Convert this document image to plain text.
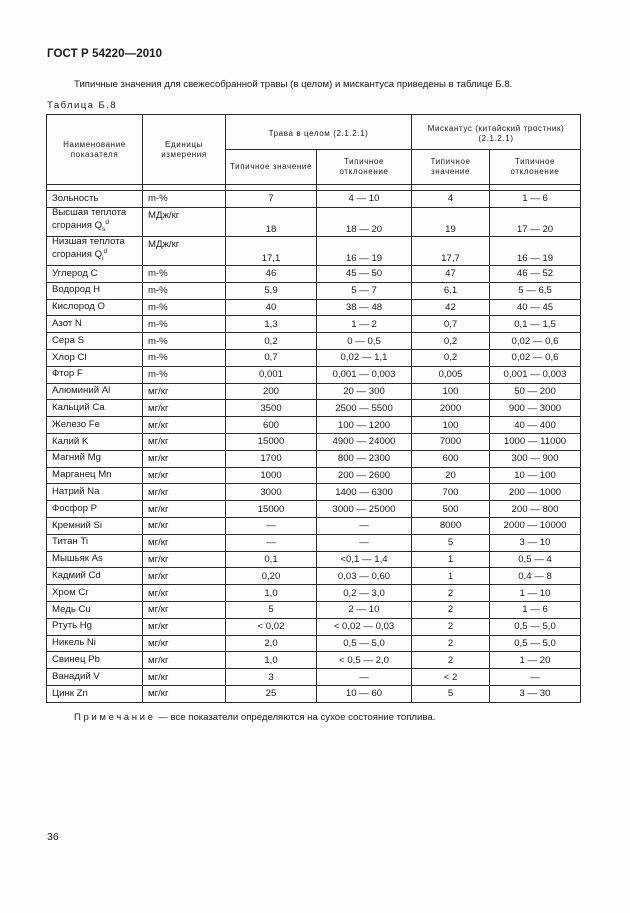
ГОСТ Р 54220—2010
Типичные значения для свежесобранной травы (в целом) и мискантуса приведены в таблице Б.8.
Таблица Б.8
Наименование показателя	Единицы измерения	Трава в целом (2.1.2.1)		Мискантус (китайский тростник) (2.1.2.1)	

		Типичное значение	Типичное отклонение	Типичное значение	Типичное отклонение

Зольность	m-%	7	4 — 10	4	1 — 6
Высшая теплота сгорания $Q_s^d$	МДж/кг	18	18 — 20	19	17 — 20
Низшая теплота сгорания $Q_i^d$	МДж/кг	17,1	16 — 19	17,7	16 — 19
Углерод C	m-%	46	45 — 50	47	46 — 52
Водород H	m-%	5,9	5 — 7	6,1	5 — 6,5
Кислород O	m-%	40	38 — 48	42	40 — 45
Азот N	m-%	1,3	1 — 2	0,7	0,1 — 1,5
Сера S	m-%	0,2	0 — 0,5	0,2	0,02 — 0,6
Хлор Cl	m-%	0,7	0,02 — 1,1	0,2	0,02 — 0,6
Фтор F	m-%	0,001	0,001 — 0,003	0,005	0,001 — 0,003
Алюминий Al	мг/кг	200	20 — 300	100	50 — 200
Кальций Ca	мг/кг	3500	2500 — 5500	2000	900 — 3000
Железо Fe	мг/кг	600	100 — 1200	100	40 — 400
Калий K	мг/кг	15000	4900 — 24000	7000	1000 — 11000
Магний Mg	мг/кг	1700	800 — 2300	600	300 — 900
Марганец Mn	мг/кг	1000	200 — 2600	20	10 — 100
Натрий Na	мг/кг	3000	1400 — 6300	700	200 — 1000
Фосфор P	мг/кг	15000	3000 — 25000	500	200 — 800
Кремний Si	мг/кг	—	—	8000	2000 — 10000
Титан Ti	мг/кг	—	—	5	3 — 10
Мышьяк As	мг/кг	0,1	<0,1 — 1,4	1	0,5 — 4
Кадмий Cd	мг/кг	0,20	0,03 — 0,60	1	0,4 — 8
Хром Cr	мг/кг	1,0	0,2 — 3,0	2	1 — 10
Медь Cu	мг/кг	5	2 — 10	2	1 — 6
Ртуть Hg	мг/кг	< 0,02	< 0,02 — 0,03	2	0,5 — 5,0
Никель Ni	мг/кг	2,0	0,5 — 5,0	2	0,5 — 5,0
Свинец Pb	мг/кг	1,0	< 0,5 — 2,0	2	1 — 20
Ванадий V	мг/кг	3	—	< 2	—
Цинк Zn	мг/кг	25	10 — 60	5	3 — 30
Примечание — все показатели определяются на сухое состояние топлива.
36
